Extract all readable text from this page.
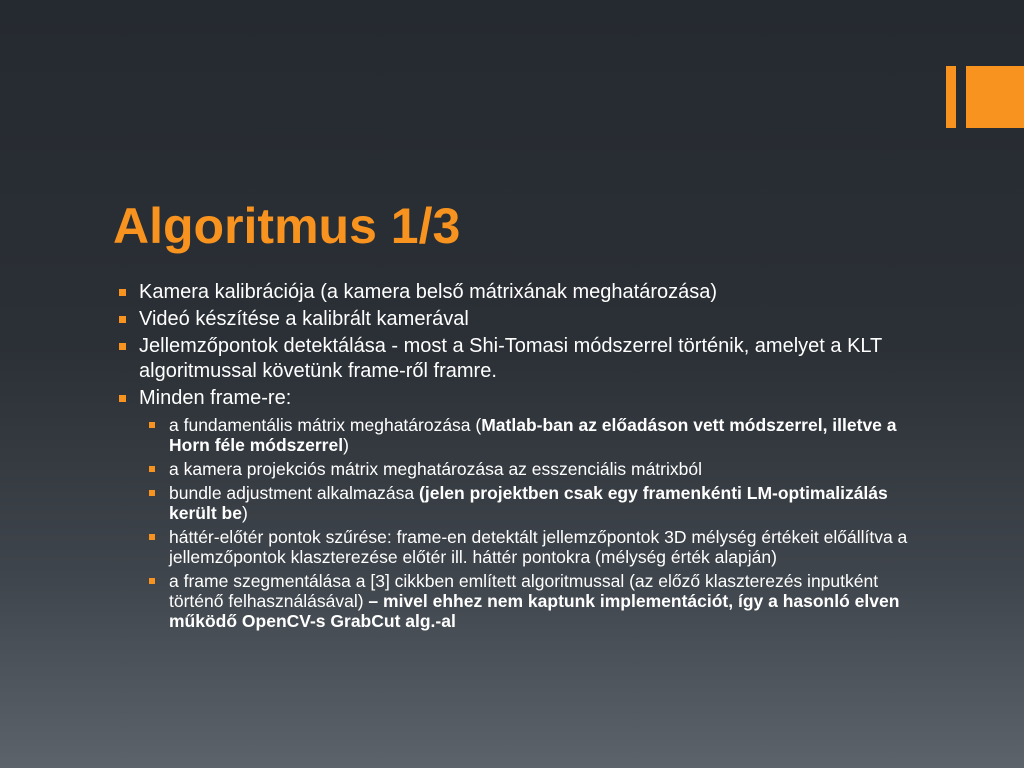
Algoritmus 1/3
Kamera kalibrációja (a kamera belső mátrixának meghatározása)
Videó készítése a kalibrált kamerával
Jellemzőpontok detektálása - most a Shi-Tomasi módszerrel történik, amelyet a KLT algoritmussal követünk frame-ről framre.
Minden frame-re:
a fundamentális mátrix meghatározása (Matlab-ban az előadáson vett módszerrel, illetve a Horn féle módszerrel)
a kamera projekciós mátrix meghatározása az esszenciális mátrixból
bundle adjustment alkalmazása (jelen projektben csak egy framenkénti LM-optimalizálás került be)
háttér-előtér pontok szűrése: frame-en detektált jellemzőpontok 3D mélység értékeit előállítva a jellemzőpontok klaszterezése előtér ill. háttér pontokra (mélység érték alapján)
a frame szegmentálása a [3] cikkben említett algoritmussal (az előző klaszterezés inputként történő felhasználásával) – mivel ehhez nem kaptunk implementációt, így a hasonló elven működő OpenCV-s GrabCut alg.-al
